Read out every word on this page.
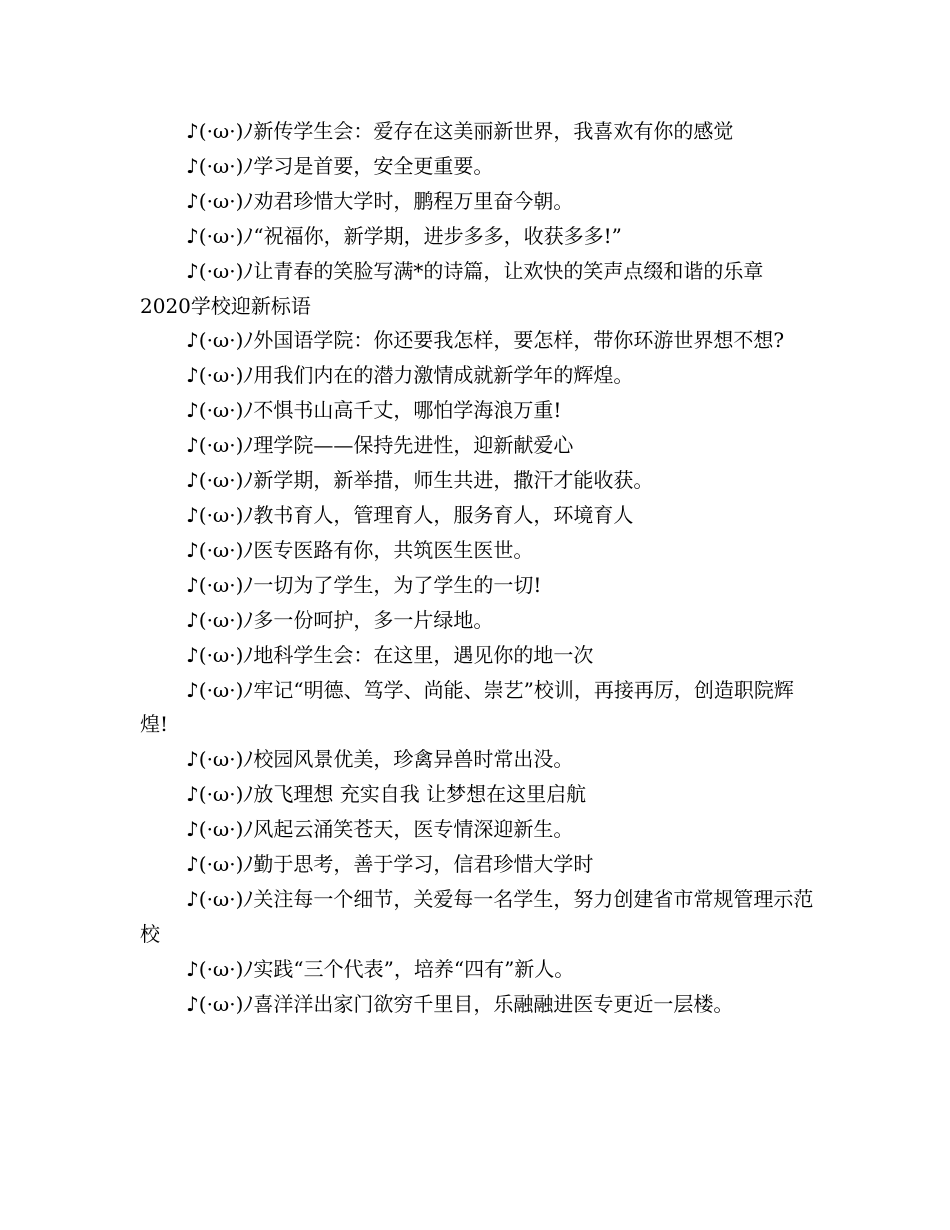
♪(·ω·)ﾉ新传学生会：爱存在这美丽新世界，我喜欢有你的感觉

♪(·ω·)ﾉ学习是首要，安全更重要。

♪(·ω·)ﾉ劝君珍惜大学时，鹏程万里奋今朝。

♪(·ω·)ﾉ“祝福你，新学期，进步多多，收获多多!”

♪(·ω·)ﾉ让青春的笑脸写满*的诗篇，让欢快的笑声点缀和谐的乐章

2020学校迎新标语

♪(·ω·)ﾉ外国语学院：你还要我怎样，要怎样，带你环游世界想不想?

♪(·ω·)ﾉ用我们内在的潜力激情成就新学年的辉煌。

♪(·ω·)ﾉ不惧书山高千丈，哪怕学海浪万重!

♪(·ω·)ﾉ理学院——保持先进性，迎新献爱心

♪(·ω·)ﾉ新学期，新举措，师生共进，撒汗才能收获。

♪(·ω·)ﾉ教书育人，管理育人，服务育人，环境育人

♪(·ω·)ﾉ医专医路有你，共筑医生医世。

♪(·ω·)ﾉ一切为了学生，为了学生的一切!

♪(·ω·)ﾉ多一份呵护，多一片绿地。

♪(·ω·)ﾉ地科学生会：在这里，遇见你的地一次

♪(·ω·)ﾉ牢记“明德、笃学、尚能、崇艺”校训，再接再厉，创造职院辉煌!

♪(·ω·)ﾉ校园风景优美，珍禽异兽时常出没。

♪(·ω·)ﾉ放飞理想 充实自我 让梦想在这里启航

♪(·ω·)ﾉ风起云涌笑苍天，医专情深迎新生。

♪(·ω·)ﾉ勤于思考，善于学习，信君珍惜大学时

♪(·ω·)ﾉ关注每一个细节，关爱每一名学生，努力创建省市常规管理示范校

♪(·ω·)ﾉ实践“三个代表”，培养“四有”新人。

♪(·ω·)ﾉ喜洋洋出家门欲穷千里目，乐融融进医专更近一层楼。
